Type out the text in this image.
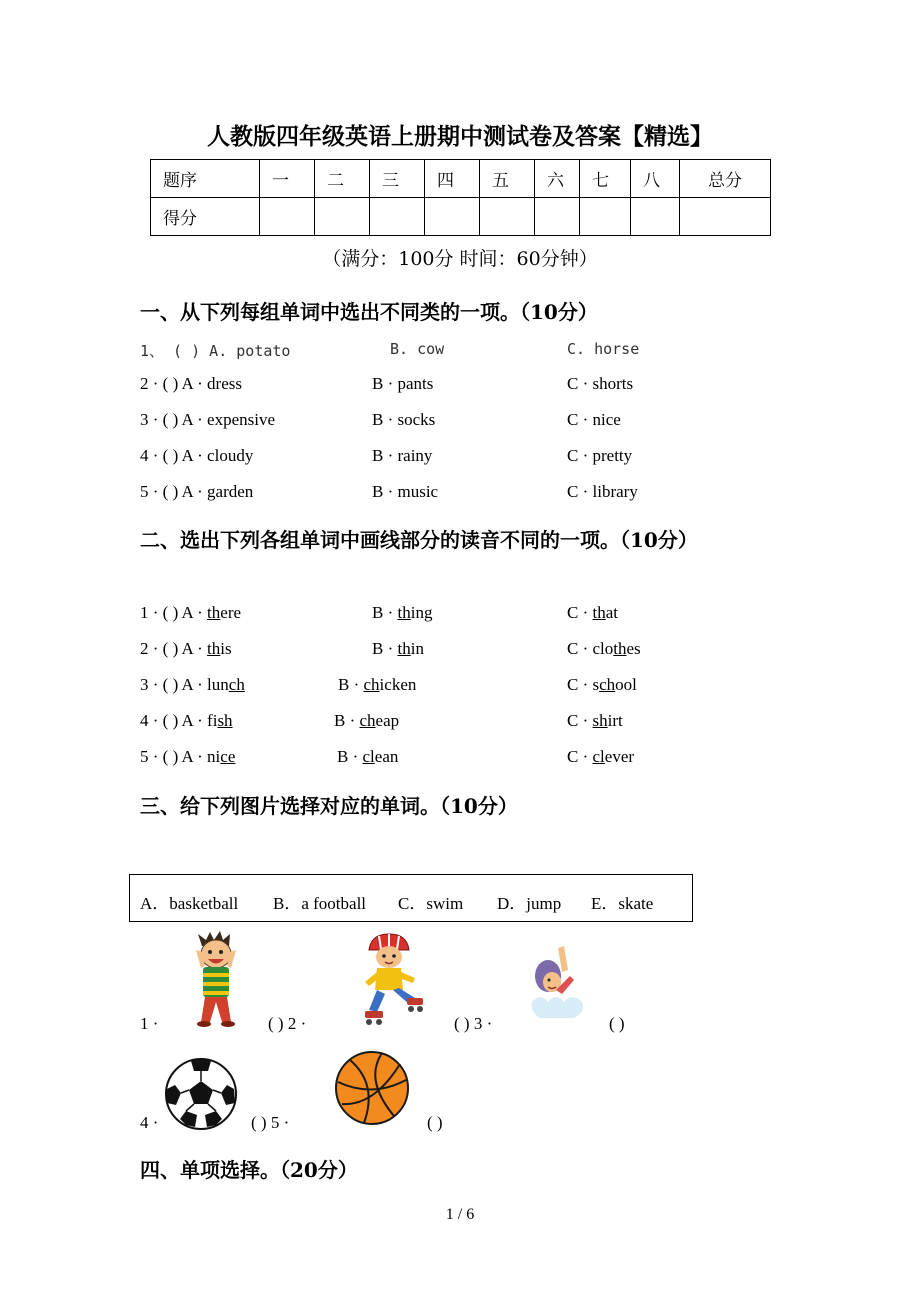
人教版四年级英语上册期中测试卷及答案【精选】
题序	一	二	三	四	五	六	七	八	总分
得分									
（满分：100分 时间：60分钟）
一、从下列每组单词中选出不同类的一项。（10分）
1、 ( ) A. potato	B. cow	C. horse
2 · ( ) A · dress	B · pants	C · shorts
3 · ( ) A · expensive	B · socks	C · nice
4 · ( ) A · cloudy	B · rainy	C · pretty
5 · ( ) A · garden	B · music	C · library
二、选出下列各组单词中画线部分的读音不同的一项。（10分）
1 · ( ) A · there	B · thing	C · that
2 · ( ) A · this	B · thin	C · clothes
3 · ( ) A · lunch	B · chicken	C · school
4 · ( ) A · fish	B · cheap	C · shirt
5 · ( ) A · nice	B · clean	C · clever
三、给下列图片选择对应的单词。（10分）
A．basketball B．a football C．swim D．jump E．skate
1 ·	( ) 2 ·	( ) 3 ·	( )
4 ·	( ) 5 ·	( )
四、单项选择。（20分）
1 / 6
